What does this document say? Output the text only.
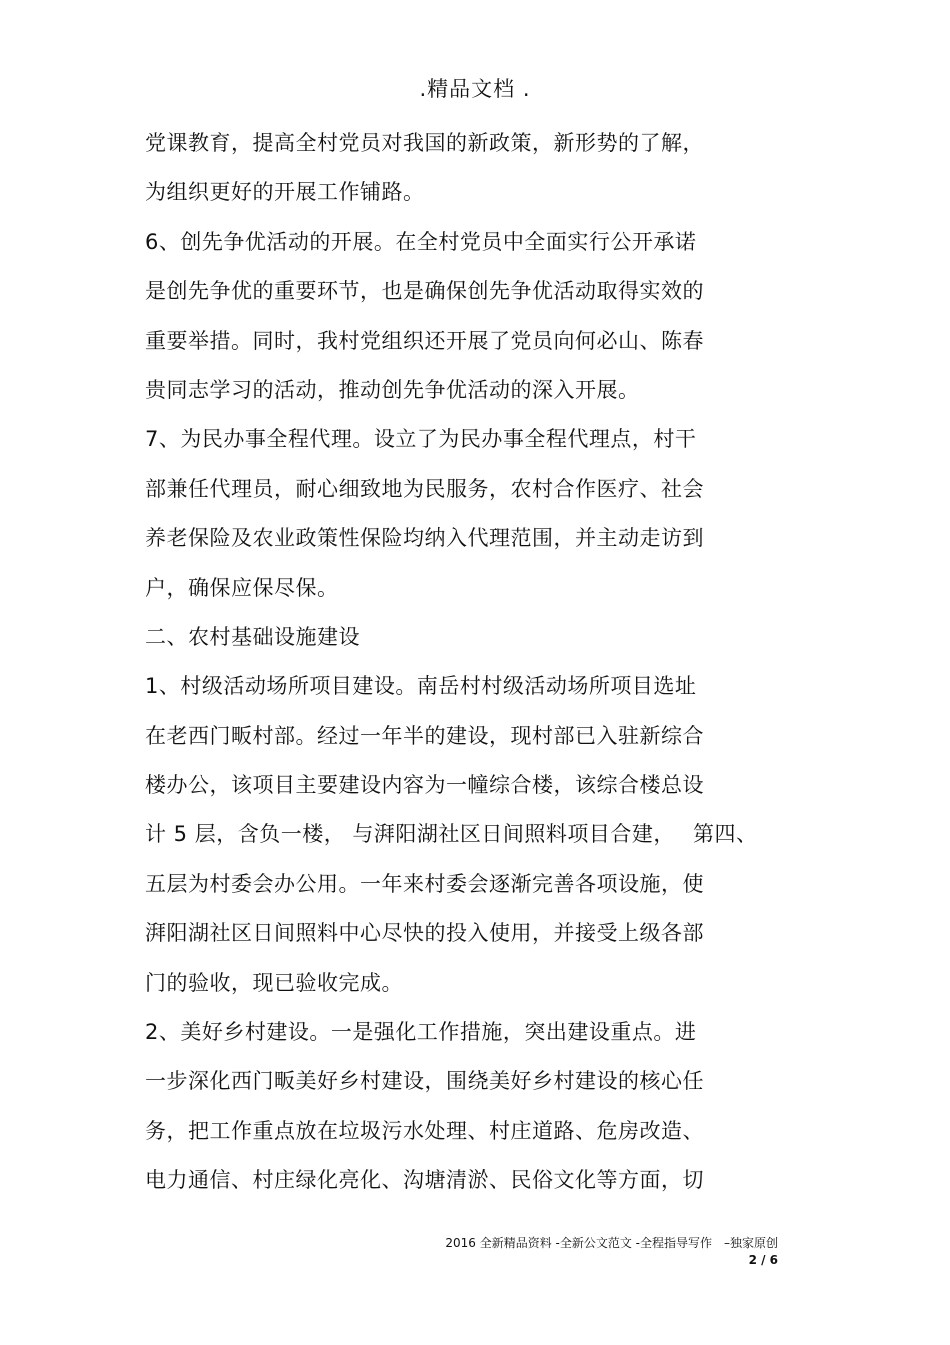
.精品文档 .
党课教育，提高全村党员对我国的新政策，新形势的了解，
为组织更好的开展工作铺路。
6、创先争优活动的开展。在全村党员中全面实行公开承诺
是创先争优的重要环节，也是确保创先争优活动取得实效的
重要举措。同时，我村党组织还开展了党员向何必山、陈春
贵同志学习的活动，推动创先争优活动的深入开展。
7、为民办事全程代理。设立了为民办事全程代理点，村干
部兼任代理员，耐心细致地为民服务，农村合作医疗、社会
养老保险及农业政策性保险均纳入代理范围，并主动走访到
户，确保应保尽保。
二、农村基础设施建设
1、村级活动场所项目建设。南岳村村级活动场所项目选址
在老西门畈村部。经过一年半的建设，现村部已入驻新综合
楼办公，该项目主要建设内容为一幢综合楼，该综合楼总设
计 5 层，含负一楼， 与湃阳湖社区日间照料项目合建，　 第四、
五层为村委会办公用。一年来村委会逐渐完善各项设施，使
湃阳湖社区日间照料中心尽快的投入使用，并接受上级各部
门的验收，现已验收完成。
2、美好乡村建设。一是强化工作措施，突出建设重点。进
一步深化西门畈美好乡村建设，围绕美好乡村建设的核心任
务，把工作重点放在垃圾污水处理、村庄道路、危房改造、
电力通信、村庄绿化亮化、沟塘清淤、民俗文化等方面，切
2016 全新精品资料 -全新公文范文 -全程指导写作　–独家原创
2 / 6
